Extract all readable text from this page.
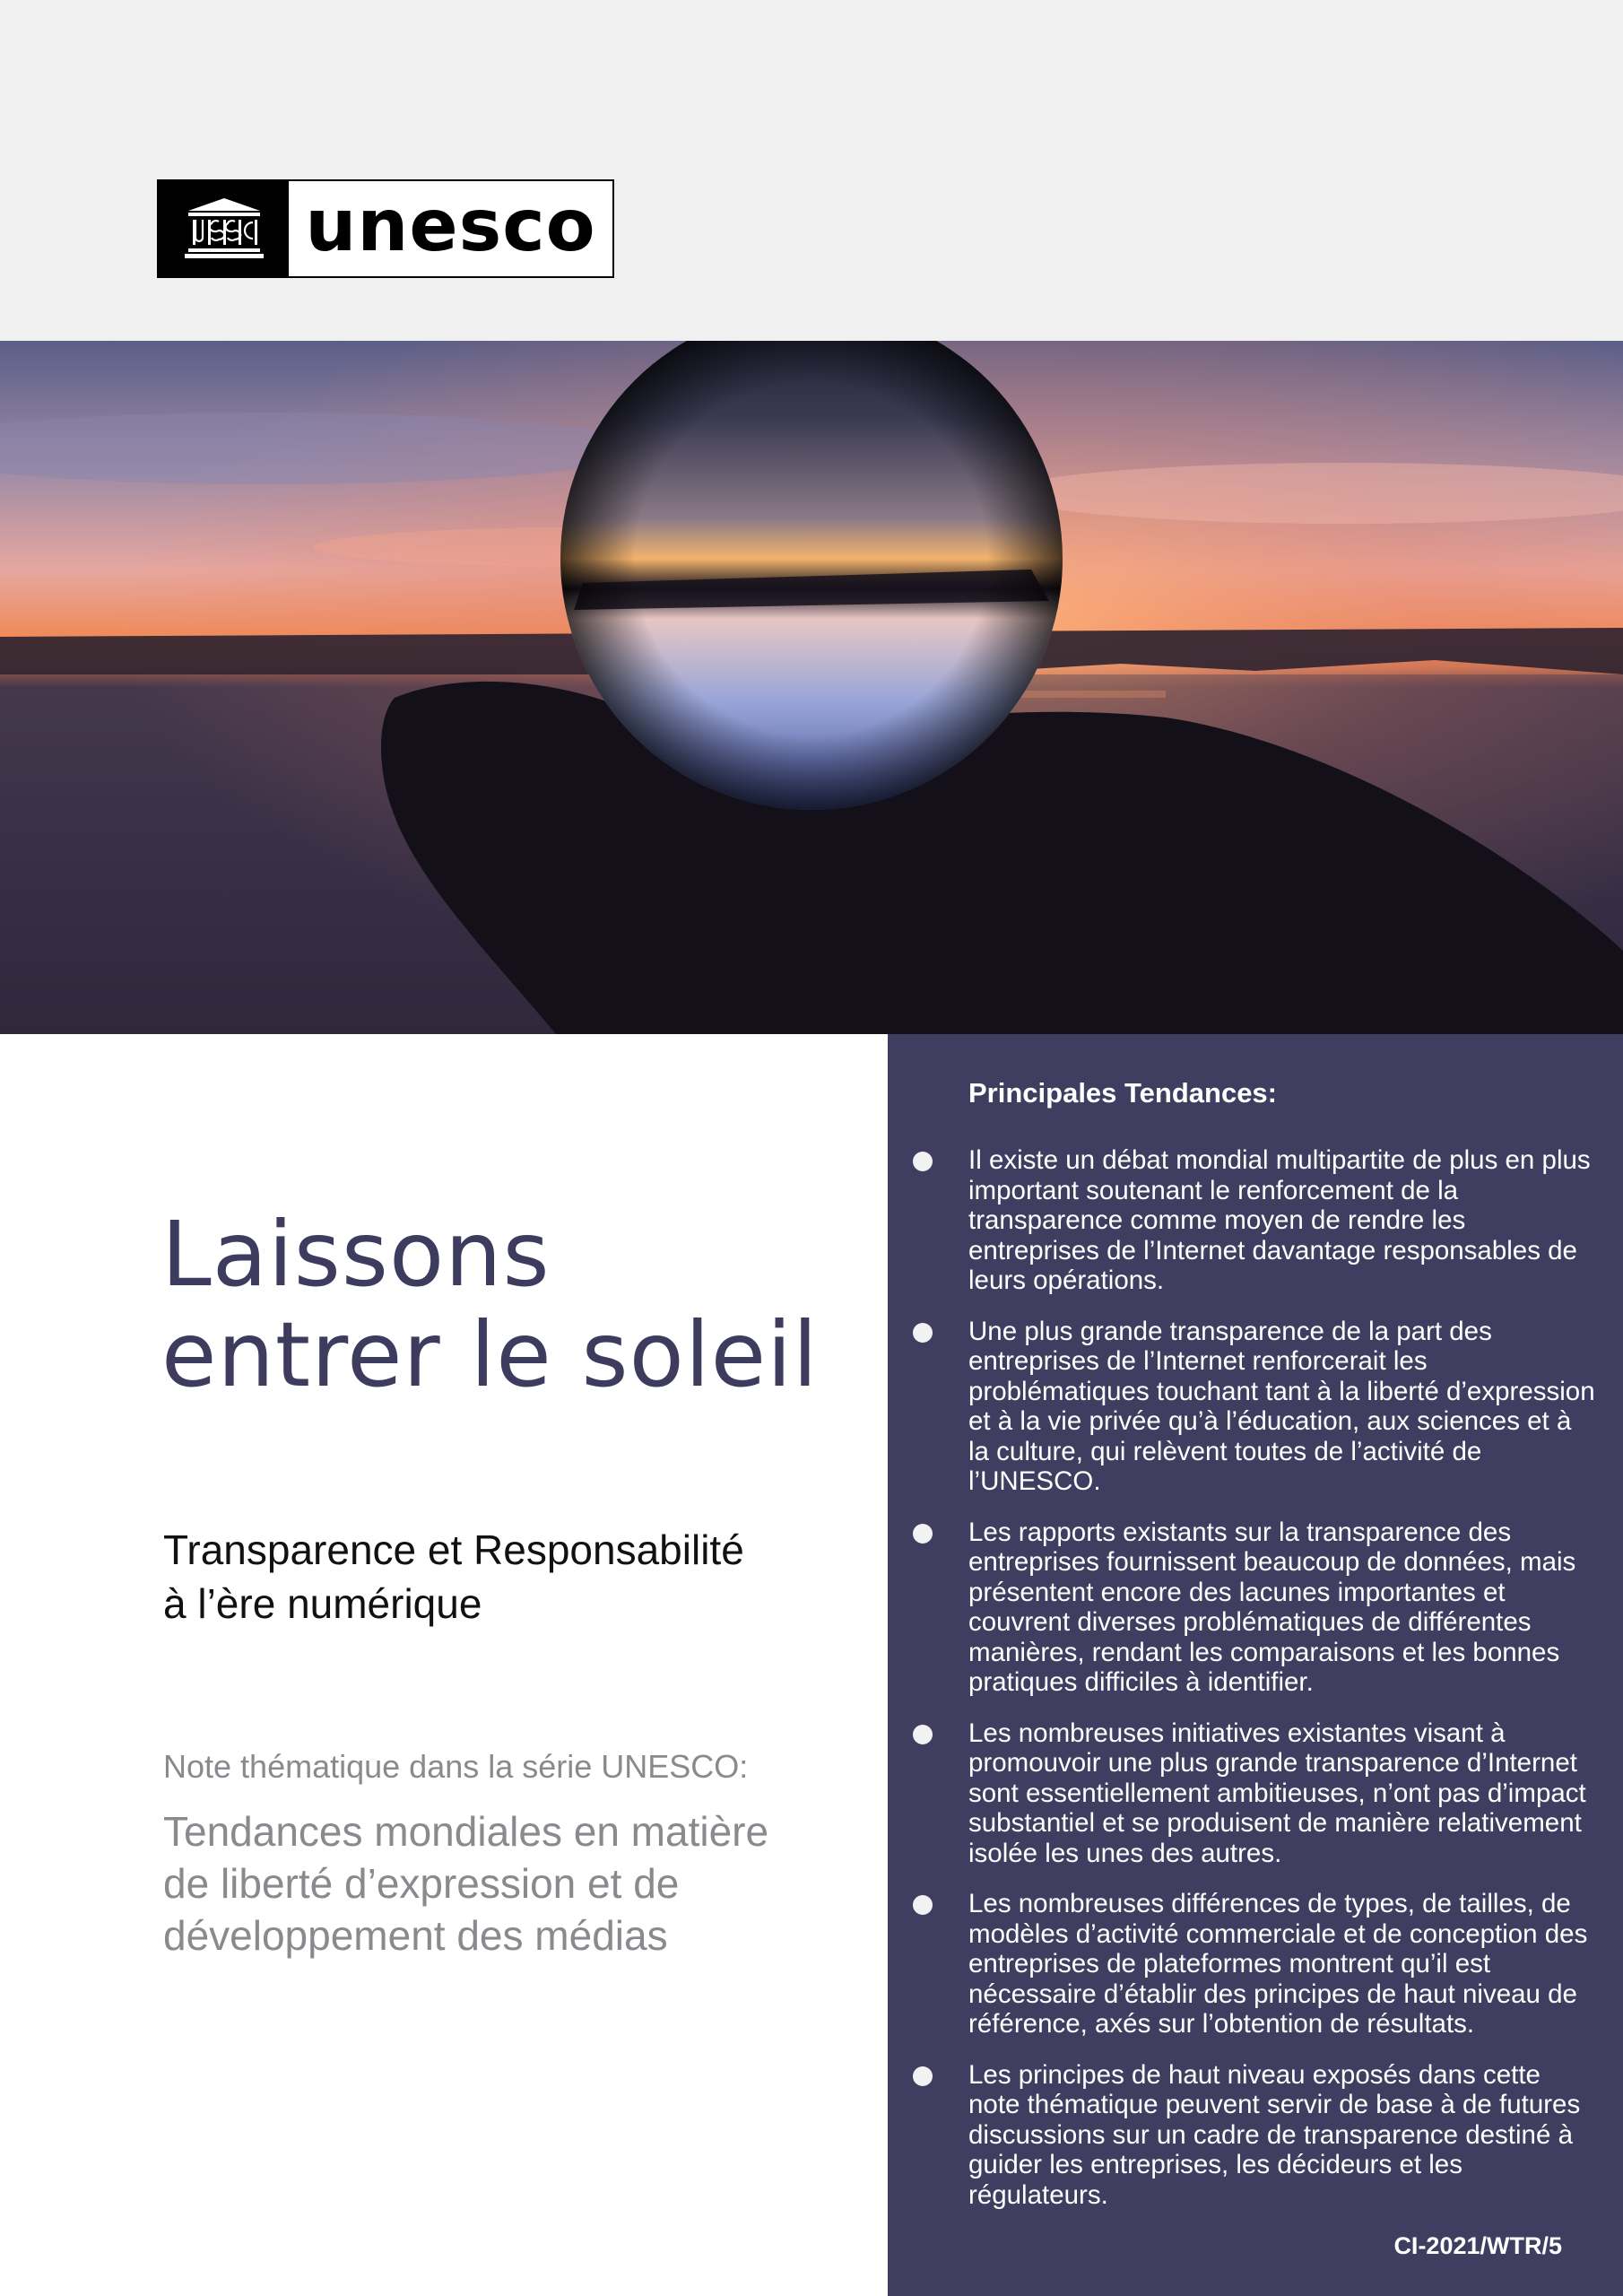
unesco
Laissons
entrer le soleil
Transparence et Responsabilité
à l’ère numérique

Note thématique dans la série UNESCO:

Tendances mondiales en matière de liberté d’expression et de développement des médias

Principales Tendances:
Il existe un débat mondial multipartite de plus en plus important soutenant le renforcement de la transparence comme moyen de rendre les entreprises de l’Internet davantage responsables de leurs opérations.
Une plus grande transparence de la part des entreprises de l’Internet renforcerait les problématiques touchant tant à la liberté d’expression et à la vie privée qu’à l’éducation, aux sciences et à la culture, qui relèvent toutes de l’activité de l’UNESCO.
Les rapports existants sur la transparence des entreprises fournissent beaucoup de données, mais présentent encore des lacunes importantes et couvrent diverses problématiques de différentes manières, rendant les comparaisons et les bonnes pratiques difficiles à identifier.
Les nombreuses initiatives existantes visant à promouvoir une plus grande transparence d’Internet sont essentiellement ambitieuses, n’ont pas d’impact substantiel et se produisent de manière relativement isolée les unes des autres.
Les nombreuses différences de types, de tailles, de modèles d’activité commerciale et de conception des entreprises de plateformes montrent qu’il est nécessaire d’établir des principes de haut niveau de référence, axés sur l’obtention de résultats.
Les principes de haut niveau exposés dans cette note thématique peuvent servir de base à de futures discussions sur un cadre de transparence destiné à guider les entreprises, les décideurs et les régulateurs.
CI-2021/WTR/5
